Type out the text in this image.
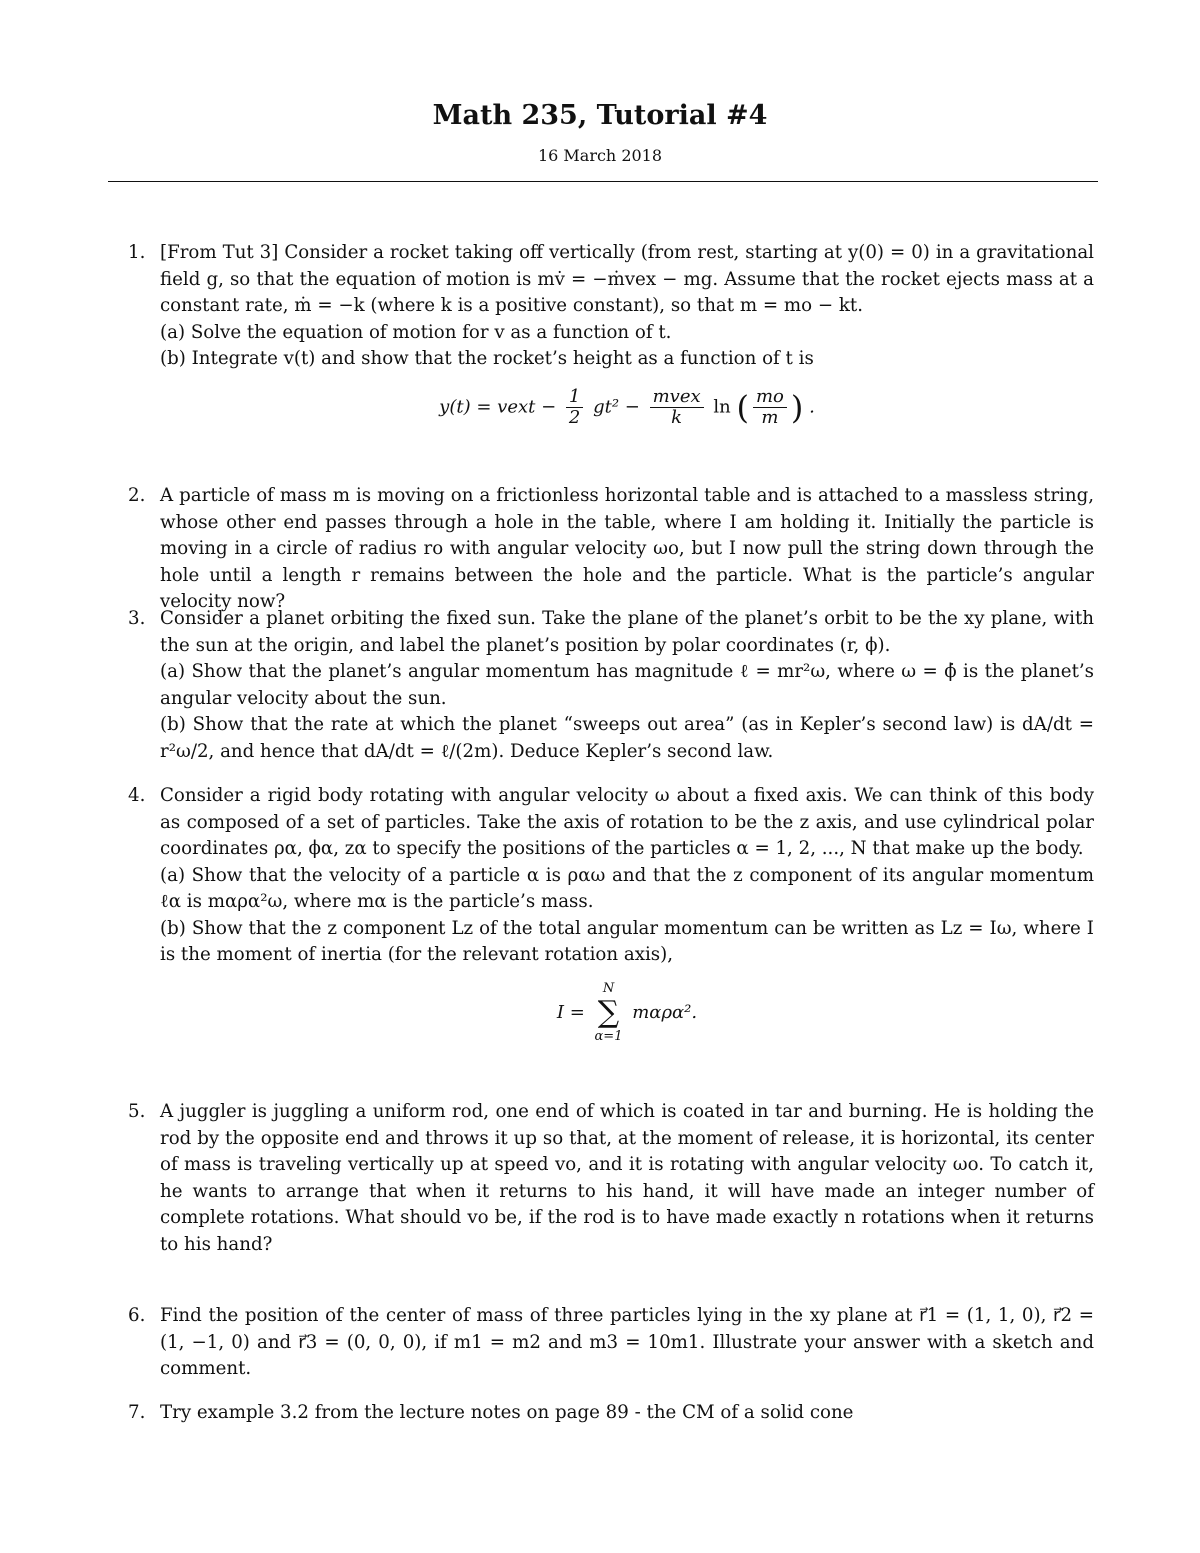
Math 235, Tutorial #4
16 March 2018
1. [From Tut 3] Consider a rocket taking off vertically (from rest, starting at y(0) = 0) in a gravitational field g, so that the equation of motion is mv̇ = −ṁvex − mg. Assume that the rocket ejects mass at a constant rate, ṁ = −k (where k is a positive constant), so that m = mo − kt.
(a) Solve the equation of motion for v as a function of t.
(b) Integrate v(t) and show that the rocket’s height as a function of t is
y(t) = vext − $\frac{1}{2} gt^2 - \frac{\text{mvex}}{k}$ ln ( $\frac{mo}{m}$ ) .
2. A particle of mass m is moving on a frictionless horizontal table and is attached to a massless string, whose other end passes through a hole in the table, where I am holding it. Initially the particle is moving in a circle of radius ro with angular velocity ωo, but I now pull the string down through the hole until a length r remains between the hole and the particle. What is the particle’s angular velocity now?
3. Consider a planet orbiting the fixed sun. Take the plane of the planet’s orbit to be the xy plane, with the sun at the origin, and label the planet’s position by polar coordinates (r, ϕ).
(a) Show that the planet’s angular momentum has magnitude ℓ = mr²ω, where ω = ϕ̇ is the planet’s angular velocity about the sun.
(b) Show that the rate at which the planet “sweeps out area” (as in Kepler’s second law) is dA/dt = r²ω/2, and hence that dA/dt = ℓ/(2m). Deduce Kepler’s second law.
4. Consider a rigid body rotating with angular velocity ω about a fixed axis. We can think of this body as composed of a set of particles. Take the axis of rotation to be the z axis, and use cylindrical polar coordinates ρα, ϕα, zα to specify the positions of the particles α = 1, 2, ..., N that make up the body.
(a) Show that the velocity of a particle α is ραω and that the z component of its angular momentum ℓα is mαρα²ω, where mα is the particle’s mass.
(b) Show that the z component Lz of the total angular momentum can be written as Lz = Iω, where I is the moment of inertia (for the relevant rotation axis),
I =
N
∑
α=1
mαρα².
5. A juggler is juggling a uniform rod, one end of which is coated in tar and burning. He is holding the rod by the opposite end and throws it up so that, at the moment of release, it is horizontal, its center of mass is traveling vertically up at speed vo, and it is rotating with angular velocity ωo. To catch it, he wants to arrange that when it returns to his hand, it will have made an integer number of complete rotations. What should vo be, if the rod is to have made exactly n rotations when it returns to his hand?
6. Find the position of the center of mass of three particles lying in the xy plane at r⃗1 = (1, 1, 0), r⃗2 = (1, −1, 0) and r⃗3 = (0, 0, 0), if m1 = m2 and m3 = 10m1. Illustrate your answer with a sketch and comment.
7. Try example 3.2 from the lecture notes on page 89 - the CM of a solid cone
